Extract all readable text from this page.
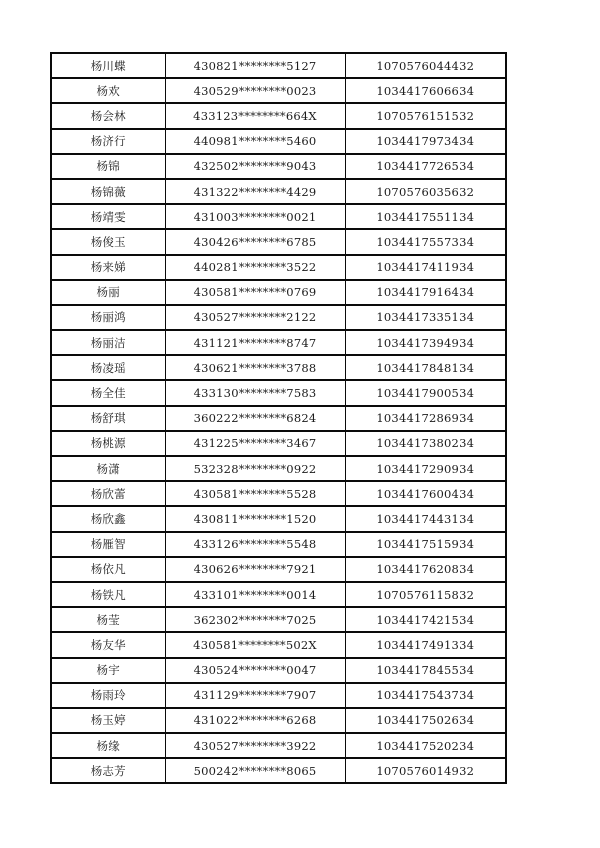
杨川蝶	430821********5127	1070576044432
杨欢	430529********0023	1034417606634
杨会林	433123********664X	1070576151532
杨济行	440981********5460	1034417973434
杨锦	432502********9043	1034417726534
杨锦薇	431322********4429	1070576035632
杨靖雯	431003********0021	1034417551134
杨俊玉	430426********6785	1034417557334
杨来娣	440281********3522	1034417411934
杨丽	430581********0769	1034417916434
杨丽鸿	430527********2122	1034417335134
杨丽洁	431121********8747	1034417394934
杨凌瑶	430621********3788	1034417848134
杨全佳	433130********7583	1034417900534
杨舒琪	360222********6824	1034417286934
杨桃源	431225********3467	1034417380234
杨潇	532328********0922	1034417290934
杨欣蕾	430581********5528	1034417600434
杨欣鑫	430811********1520	1034417443134
杨雁智	433126********5548	1034417515934
杨依凡	430626********7921	1034417620834
杨铁凡	433101********0014	1070576115832
杨莹	362302********7025	1034417421534
杨友华	430581********502X	1034417491334
杨宇	430524********0047	1034417845534
杨雨玲	431129********7907	1034417543734
杨玉婷	431022********6268	1034417502634
杨缘	430527********3922	1034417520234
杨志芳	500242********8065	1070576014932
